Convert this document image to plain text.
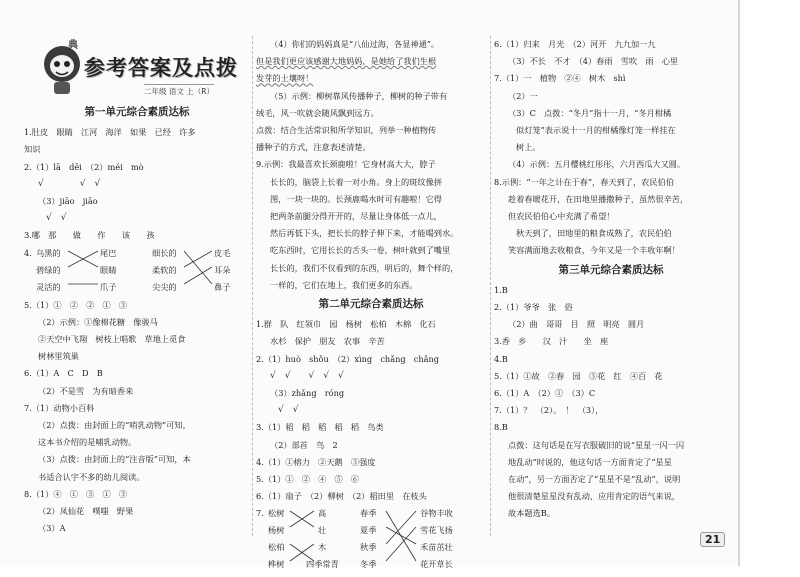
典
参考答案及点拨
二年级 语文 上（R）
第一单元综合素质达标
1.肚皮　眼睛　江河　海洋　如果　已经　许多
知识
2.（1）lā　dēi　（2）méi　mò
√　　　　√　√
（3）jiāo　jiāo
√　√
3.哪　那　　做　　作　　该　　孩
4. 乌黑的
碧绿的
灵活的
尾巴
眼睛
爪子
细长的
柔软的
尖尖的
皮毛
耳朵
鼻子
5.（1）①　②　②　①　③
（2）示例：①像棉花糖　像骏马
②天空中飞翔　树枝上唱歌　草地上觅食
树林里筑巢
6.（1）A　C　D　B
（2）不是雪　为有暗香来
7.（1）动物小百科
（2）点拨：由封面上的“哨乳动物”可知，
这本书介绍的是哺乳动物。
（3）点拨：由封面上的“注音版”可知，本
书适合认字不多的幼儿阅读。
8.（1）④　①　③　①　③
（2）凤仙花　噗嗤　野果
（3）A
（4）你们的妈妈真是“八仙过海，各显神通”。
但是我们更应该感谢大地妈妈，是她给了我们生根
发芽的土壤呀！
（5）示例：柳树靠风传播种子，柳树的种子带有
绒毛，风一吹就会随风飘到远方。
点拨：结合生活常识和所学知识，列举一种植物传
播种子的方式，注意表述清楚。
9.示例：我最喜欢长颈鹿啦！它身材高大大，脖子
长长的，脑袋上长着一对小角。身上的斑纹像拼
图，一块一块的。长颈鹿喝水时可有趣啦！它得
把两条前腿分得开开的，尽量让身体低一点儿，
然后再低下头，把长长的脖子伸下来，才能喝到水。
吃东西时，它用长长的舌头一卷，树叶就到了嘴里
长长的，我们不仅看到的东西，明后的，舞个样的，
一样的，它们在地上，我们更多的东西。
第二单元综合素质达标
1.群　队　红领巾　园　杨树　松柏　木棉　化石
水杉　保护　朋友　农事　辛苦
2.（1）huò　shǒu　（2）xìng　chǎng　chǎng
√　√　　√　√　√
（3）zhǎng　róng
√　√
3.（1）稻　稻　稻　稻　稻　鸟类
（2）部首　鸟　2
4.（1）①榕力　②天鹅　③强度
5.（1）①　②　④　⑤　⑥
6.（1）扇子　（2）柳树　（2）稻田里　在枝头
7. 松树
杨树
松柏
桦树
高
壮
木
四季常青
春季
夏季
秋季
冬季
谷物丰收
雪花飞扬
禾苗茁壮
花开草长
6.（1）归来　月光　（2）河开　九九加一九
（3）不长　不才　（4）春雨　雪吹　雨　心里
7.（1）一　植物　②④　树木　shì
（2）一
（3）C　点拨：“冬月”指十一月，“冬月柑橘
似灯笼”表示说十一月的柑橘像灯笼一样挂在
树上。
（4）示例：五月樱桃红彤彤，六月西瓜大又圆。
8.示例：“一年之计在于春”，春天到了，农民伯伯
趁着春暖花开，在田地里播撒种子，虽然很辛苦，
但农民伯伯心中充满了希望！
秋天到了，田地里的粮食成熟了，农民伯伯
笑容满面地去收粮食，今年又是一个丰收年啊！
第三单元综合素质达标
1.B
2.（1）爷爷　张　俗
（2）曲　哥哥　目　照　明亮　圆月
3.香　乡　　汉　汁　　坐　座
4.B
5.（1）①故　②春　园　③花　红　④百　花
6.（1）A　（2）①　（3）C
7.（1）？　（2）。　！　（3），
8.B
点拨：这句话是在写衣服破旧的说“星星一闪一闪
地乱动”时说的，他这句话一方面肯定了“星星
在动”，另一方面否定了“星星不是“乱动”，说明
他很清楚星星没有乱动，应用肯定的语气来说，
故本题选B。
21
